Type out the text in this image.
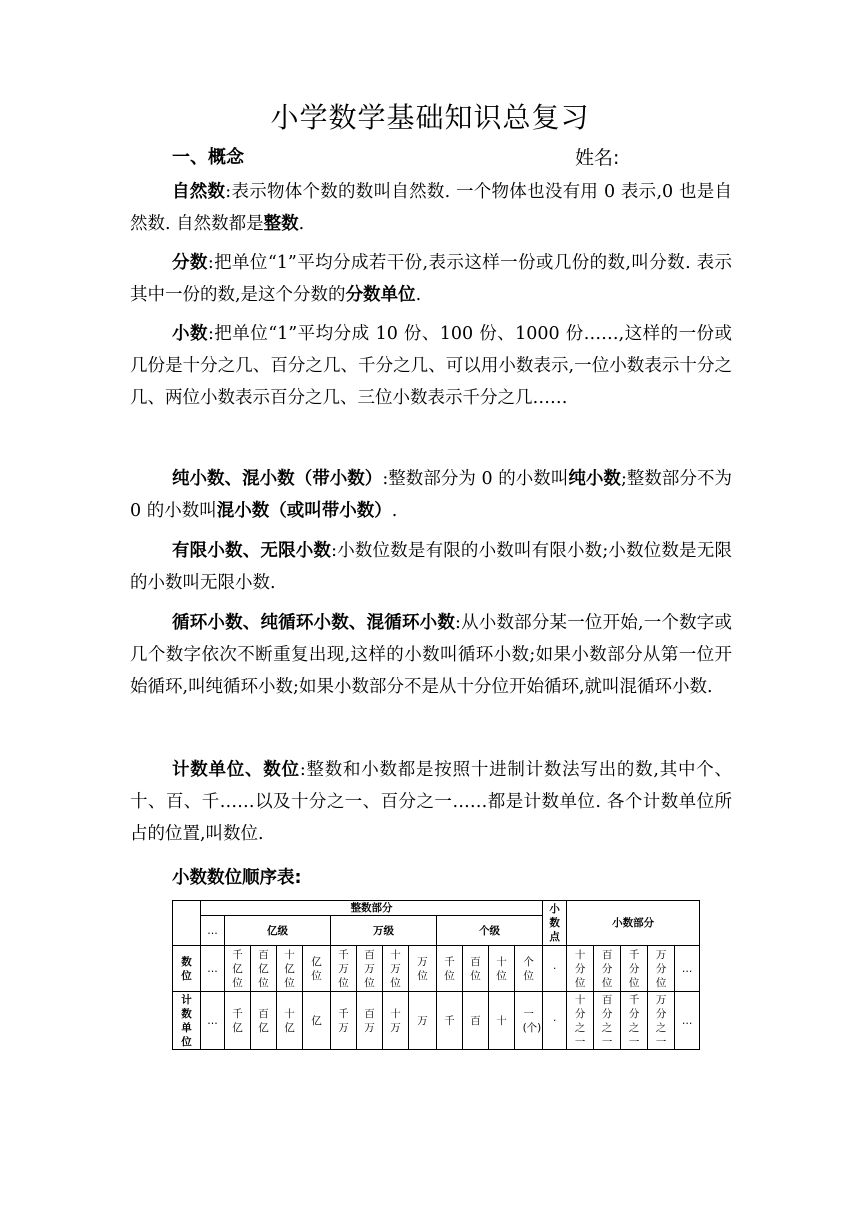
小学数学基础知识总复习
一、概念	姓名:

自然数:表示物体个数的数叫自然数. 一个物体也没有用 0 表示,0 也是自然数. 自然数都是整数.

分数:把单位“1”平均分成若干份,表示这样一份或几份的数,叫分数. 表示其中一份的数,是这个分数的分数单位.

小数:把单位“1”平均分成 10 份、100 份、1000 份……,这样的一份或几份是十分之几、百分之几、千分之几、可以用小数表示,一位小数表示十分之几、两位小数表示百分之几、三位小数表示千分之几……

纯小数、混小数（带小数）:整数部分为 0 的小数叫纯小数;整数部分不为 0 的小数叫混小数（或叫带小数）.

有限小数、无限小数:小数位数是有限的小数叫有限小数;小数位数是无限的小数叫无限小数.

循环小数、纯循环小数、混循环小数:从小数部分某一位开始,一个数字或几个数字依次不断重复出现,这样的小数叫循环小数;如果小数部分从第一位开始循环,叫纯循环小数;如果小数部分不是从十分位开始循环,就叫混循环小数.

计数单位、数位:整数和小数都是按照十进制计数法写出的数,其中个、十、百、千……以及十分之一、百分之一……都是计数单位. 各个计数单位所占的位置,叫数位.

小数数位顺序表:
	整数部分													小数点	小数部分				
	…	亿级				万级				个级									
数位	…	千亿位	百亿位	十亿位	亿位	千万位	百万位	十万位	万位	千位	百位	十位	个位	·	十分位	百分位	千分位	万分位	…
计数单位	…	千亿	百亿	十亿	亿	千万	百万	十万	万	千	百	十	一(个)	·	十分之一	百分之一	千分之一	万分之一	…
